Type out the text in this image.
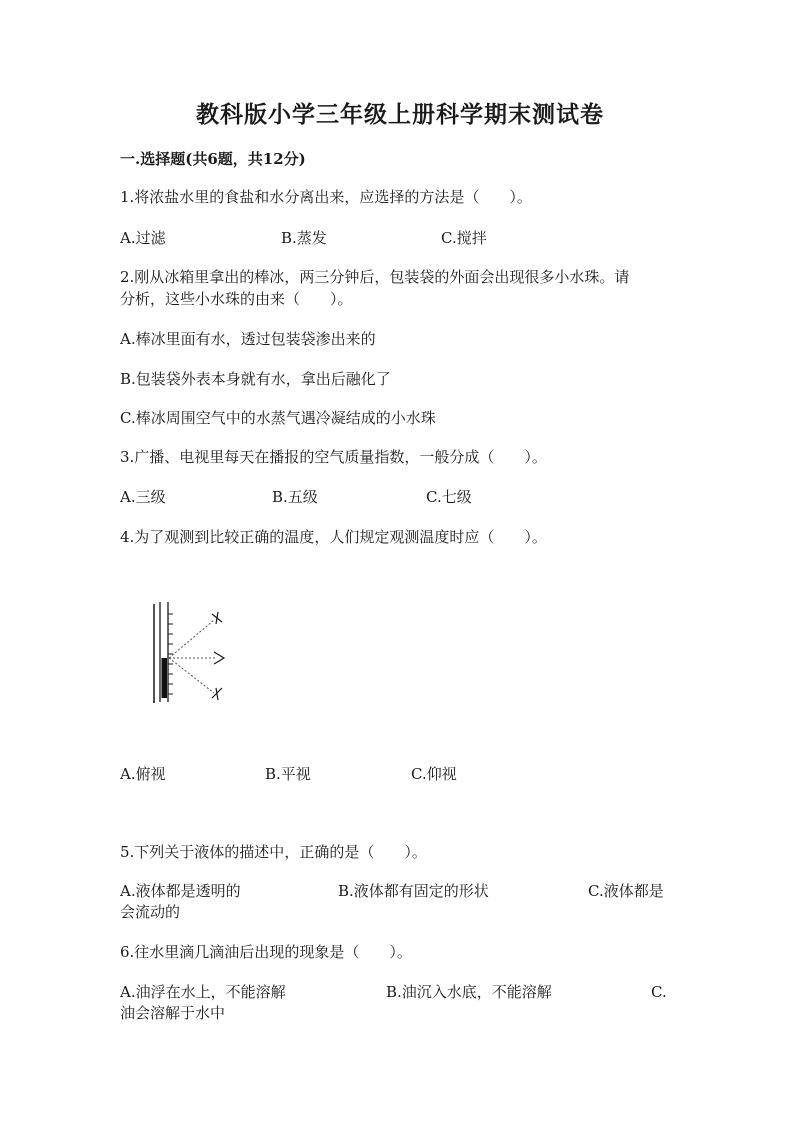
教科版小学三年级上册科学期末测试卷
一.选择题(共6题，共12分)
1.将浓盐水里的食盐和水分离出来，应选择的方法是（　　）。
A.过滤	B.蒸发	C.搅拌
2.刚从冰箱里拿出的棒冰，两三分钟后，包装袋的外面会出现很多小水珠。请
分析，这些小水珠的由来（　　）。
A.棒冰里面有水，透过包装袋渗出来的
B.包装袋外表本身就有水，拿出后融化了
C.棒冰周围空气中的水蒸气遇冷凝结成的小水珠
3.广播、电视里每天在播报的空气质量指数，一般分成（　　）。
A.三级	B.五级	C.七级
4.为了观测到比较正确的温度，人们规定观测温度时应（　　）。
A.俯视	B.平视	C.仰视
5.下列关于液体的描述中，正确的是（　　）。
A.液体都是透明的	B.液体都有固定的形状	C.液体都是
会流动的
6.往水里滴几滴油后出现的现象是（　　）。
A.油浮在水上，不能溶解	B.油沉入水底，不能溶解	C.
油会溶解于水中
